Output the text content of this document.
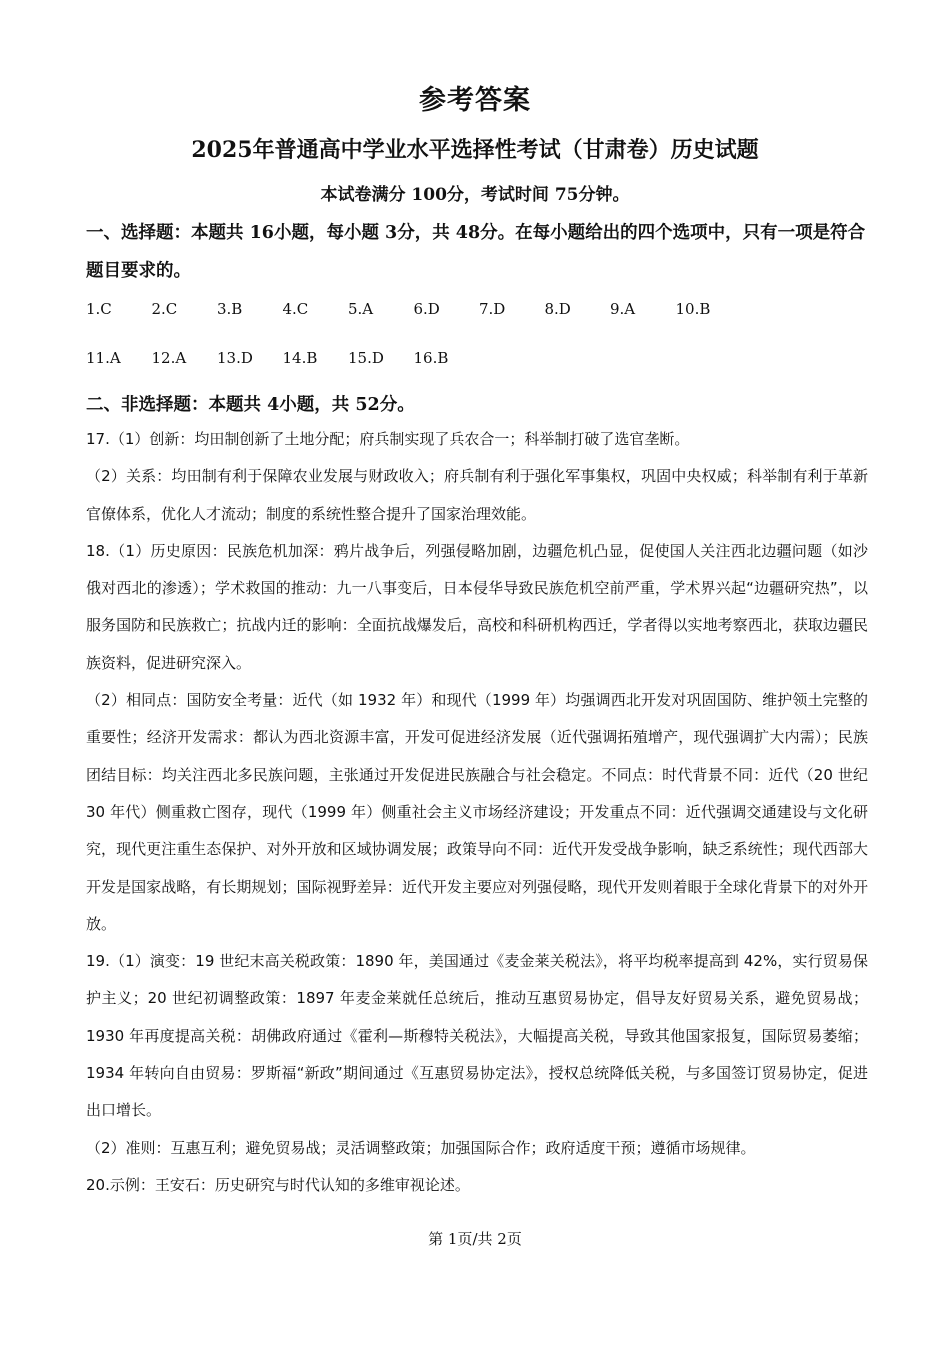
参考答案
2025年普通高中学业水平选择性考试（甘肃卷）历史试题
本试卷满分 100分，考试时间 75分钟。
一、选择题：本题共 16小题，每小题 3分，共 48分。在每小题给出的四个选项中，只有一项是符合题目要求的。
1.C	2.C	3.B	4.C	5.A	6.D	7.D	8.D	9.A	10.B
11.A 12.A 13.D 14.B 15.D 16.B
二、非选择题：本题共 4小题，共 52分。

17.（1）创新：均田制创新了土地分配；府兵制实现了兵农合一；科举制打破了选官垄断。

（2）关系：均田制有利于保障农业发展与财政收入；府兵制有利于强化军事集权，巩固中央权威；科举制有利于革新官僚体系，优化人才流动；制度的系统性整合提升了国家治理效能。

18.（1）历史原因：民族危机加深：鸦片战争后，列强侵略加剧，边疆危机凸显，促使国人关注西北边疆问题（如沙俄对西北的渗透）；学术救国的推动：九一八事变后，日本侵华导致民族危机空前严重，学术界兴起“边疆研究热”，以服务国防和民族救亡；抗战内迁的影响：全面抗战爆发后，高校和科研机构西迁，学者得以实地考察西北，获取边疆民族资料，促进研究深入。

（2）相同点：国防安全考量：近代（如 1932 年）和现代（1999 年）均强调西北开发对巩固国防、维护领土完整的重要性；经济开发需求：都认为西北资源丰富，开发可促进经济发展（近代强调拓殖增产，现代强调扩大内需）；民族团结目标：均关注西北多民族问题，主张通过开发促进民族融合与社会稳定。不同点：时代背景不同：近代（20 世纪 30 年代）侧重救亡图存，现代（1999 年）侧重社会主义市场经济建设；开发重点不同：近代强调交通建设与文化研究，现代更注重生态保护、对外开放和区域协调发展；政策导向不同：近代开发受战争影响，缺乏系统性；现代西部大开发是国家战略，有长期规划；国际视野差异：近代开发主要应对列强侵略，现代开发则着眼于全球化背景下的对外开放。

19.（1）演变：19 世纪末高关税政策：1890 年，美国通过《麦金莱关税法》，将平均税率提高到 42%，实行贸易保护主义；20 世纪初调整政策：1897 年麦金莱就任总统后，推动互惠贸易协定，倡导友好贸易关系，避免贸易战；1930 年再度提高关税：胡佛政府通过《霍利—斯穆特关税法》，大幅提高关税，导致其他国家报复，国际贸易萎缩；1934 年转向自由贸易：罗斯福“新政”期间通过《互惠贸易协定法》，授权总统降低关税，与多国签订贸易协定，促进出口增长。

（2）准则：互惠互利；避免贸易战；灵活调整政策；加强国际合作；政府适度干预；遵循市场规律。

20.示例：王安石：历史研究与时代认知的多维审视论述。

第 1页/共 2页
